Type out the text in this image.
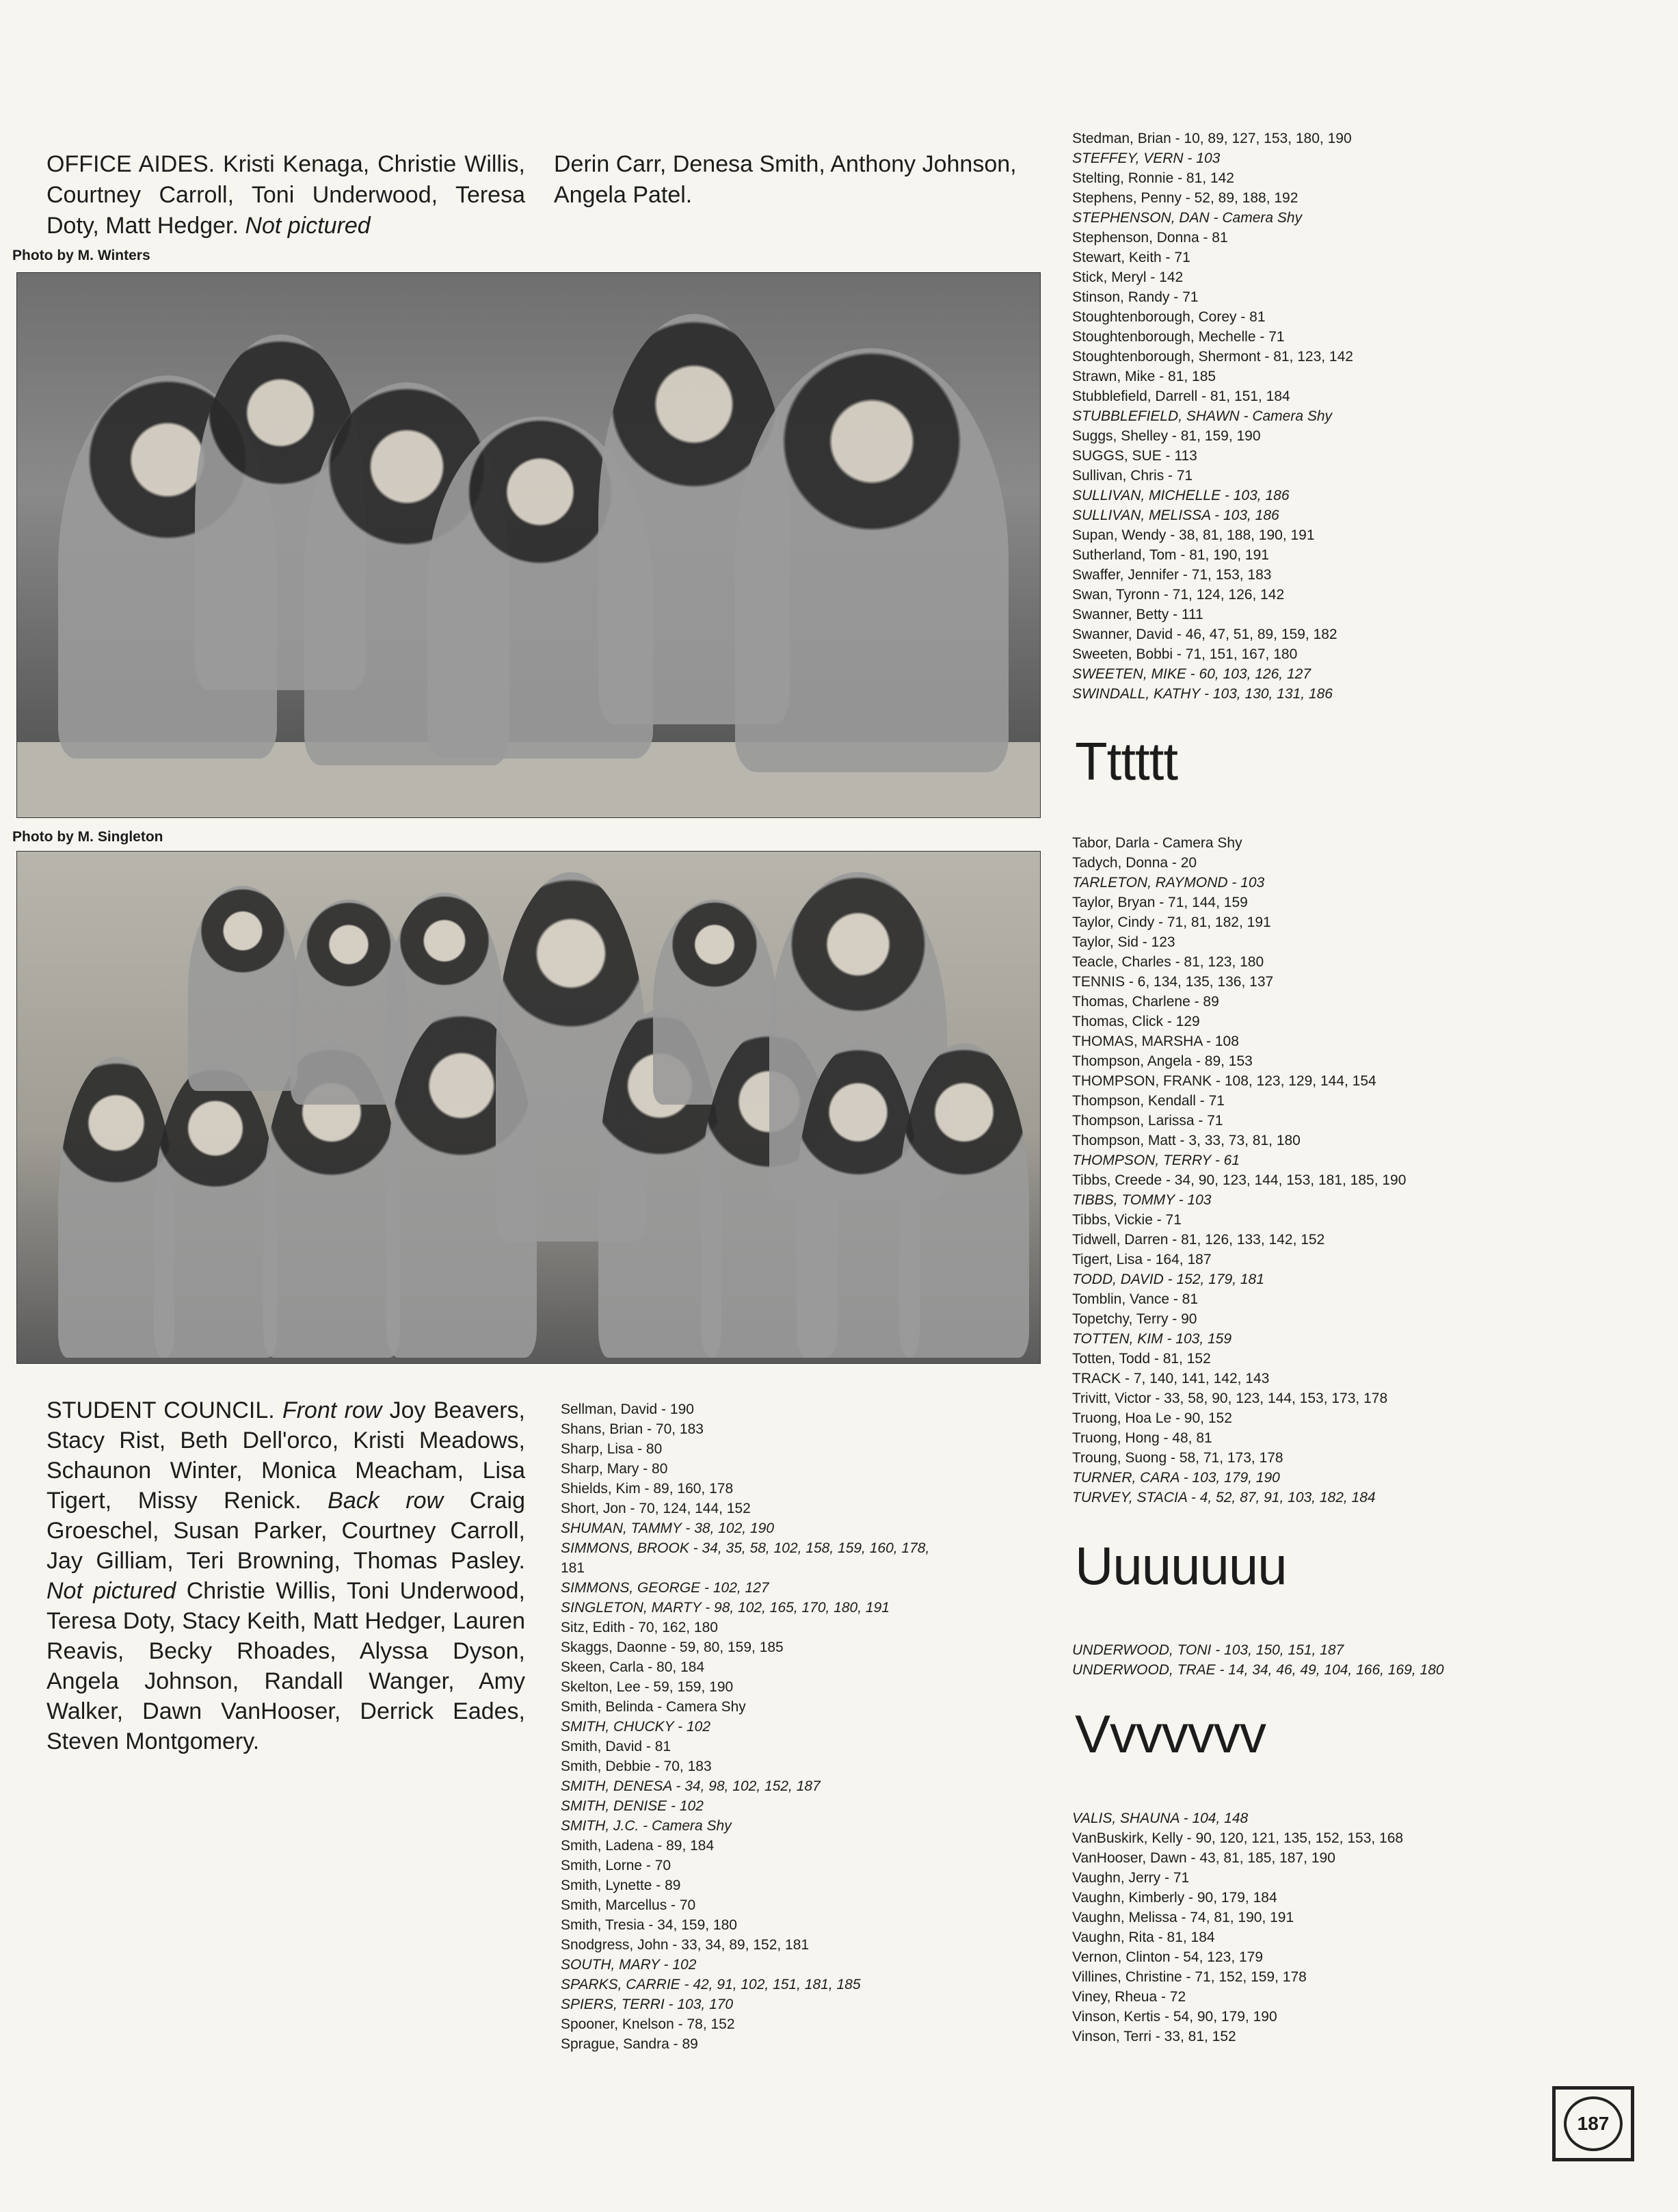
OFFICE AIDES. Kristi Kenaga, Christie Willis, Courtney Carroll, Toni Underwood, Teresa Doty, Matt Hedger. Not pictured
Derin Carr, Denesa Smith, Anthony Johnson, Angela Patel.
Photo by M. Winters
Photo by M. Singleton
STUDENT COUNCIL. Front row Joy Beavers, Stacy Rist, Beth Dell'orco, Kristi Meadows, Schaunon Winter, Monica Meacham, Lisa Tigert, Missy Renick. Back row Craig Groeschel, Susan Parker, Courtney Carroll, Jay Gilliam, Teri Browning, Thomas Pasley. Not pictured Christie Willis, Toni Underwood, Teresa Doty, Stacy Keith, Matt Hedger, Lauren Reavis, Becky Rhoades, Alyssa Dyson, Angela Johnson, Randall Wanger, Amy Walker, Dawn VanHooser, Derrick Eades, Steven Montgomery.
Sellman, David - 190
Shans, Brian - 70, 183
Sharp, Lisa - 80
Sharp, Mary - 80
Shields, Kim - 89, 160, 178
Short, Jon - 70, 124, 144, 152
SHUMAN, TAMMY - 38, 102, 190
SIMMONS, BROOK - 34, 35, 58, 102, 158, 159, 160, 178,
181
SIMMONS, GEORGE - 102, 127
SINGLETON, MARTY - 98, 102, 165, 170, 180, 191
Sitz, Edith - 70, 162, 180
Skaggs, Daonne - 59, 80, 159, 185
Skeen, Carla - 80, 184
Skelton, Lee - 59, 159, 190
Smith, Belinda - Camera Shy
SMITH, CHUCKY - 102
Smith, David - 81
Smith, Debbie - 70, 183
SMITH, DENESA - 34, 98, 102, 152, 187
SMITH, DENISE - 102
SMITH, J.C. - Camera Shy
Smith, Ladena - 89, 184
Smith, Lorne - 70
Smith, Lynette - 89
Smith, Marcellus - 70
Smith, Tresia - 34, 159, 180
Snodgress, John - 33, 34, 89, 152, 181
SOUTH, MARY - 102
SPARKS, CARRIE - 42, 91, 102, 151, 181, 185
SPIERS, TERRI - 103, 170
Spooner, Knelson - 78, 152
Sprague, Sandra - 89
Stedman, Brian - 10, 89, 127, 153, 180, 190
STEFFEY, VERN - 103
Stelting, Ronnie - 81, 142
Stephens, Penny - 52, 89, 188, 192
STEPHENSON, DAN - Camera Shy
Stephenson, Donna - 81
Stewart, Keith - 71
Stick, Meryl - 142
Stinson, Randy - 71
Stoughtenborough, Corey - 81
Stoughtenborough, Mechelle - 71
Stoughtenborough, Shermont - 81, 123, 142
Strawn, Mike - 81, 185
Stubblefield, Darrell - 81, 151, 184
STUBBLEFIELD, SHAWN - Camera Shy
Suggs, Shelley - 81, 159, 190
SUGGS, SUE - 113
Sullivan, Chris - 71
SULLIVAN, MICHELLE - 103, 186
SULLIVAN, MELISSA - 103, 186
Supan, Wendy - 38, 81, 188, 190, 191
Sutherland, Tom - 81, 190, 191
Swaffer, Jennifer - 71, 153, 183
Swan, Tyronn - 71, 124, 126, 142
Swanner, Betty - 111
Swanner, David - 46, 47, 51, 89, 159, 182
Sweeten, Bobbi - 71, 151, 167, 180
SWEETEN, MIKE - 60, 103, 126, 127
SWINDALL, KATHY - 103, 130, 131, 186
Tttttt
Tabor, Darla - Camera Shy
Tadych, Donna - 20
TARLETON, RAYMOND - 103
Taylor, Bryan - 71, 144, 159
Taylor, Cindy - 71, 81, 182, 191
Taylor, Sid - 123
Teacle, Charles - 81, 123, 180
TENNIS - 6, 134, 135, 136, 137
Thomas, Charlene - 89
Thomas, Click - 129
THOMAS, MARSHA - 108
Thompson, Angela - 89, 153
THOMPSON, FRANK - 108, 123, 129, 144, 154
Thompson, Kendall - 71
Thompson, Larissa - 71
Thompson, Matt - 3, 33, 73, 81, 180
THOMPSON, TERRY - 61
Tibbs, Creede - 34, 90, 123, 144, 153, 181, 185, 190
TIBBS, TOMMY - 103
Tibbs, Vickie - 71
Tidwell, Darren - 81, 126, 133, 142, 152
Tigert, Lisa - 164, 187
TODD, DAVID - 152, 179, 181
Tomblin, Vance - 81
Topetchy, Terry - 90
TOTTEN, KIM - 103, 159
Totten, Todd - 81, 152
TRACK - 7, 140, 141, 142, 143
Trivitt, Victor - 33, 58, 90, 123, 144, 153, 173, 178
Truong, Hoa Le - 90, 152
Truong, Hong - 48, 81
Troung, Suong - 58, 71, 173, 178
TURNER, CARA - 103, 179, 190
TURVEY, STACIA - 4, 52, 87, 91, 103, 182, 184
Uuuuuuu
UNDERWOOD, TONI - 103, 150, 151, 187
UNDERWOOD, TRAE - 14, 34, 46, 49, 104, 166, 169, 180
Vvvvvvv
VALIS, SHAUNA - 104, 148
VanBuskirk, Kelly - 90, 120, 121, 135, 152, 153, 168
VanHooser, Dawn - 43, 81, 185, 187, 190
Vaughn, Jerry - 71
Vaughn, Kimberly - 90, 179, 184
Vaughn, Melissa - 74, 81, 190, 191
Vaughn, Rita - 81, 184
Vernon, Clinton - 54, 123, 179
Villines, Christine - 71, 152, 159, 178
Viney, Rheua - 72
Vinson, Kertis - 54, 90, 179, 190
Vinson, Terri - 33, 81, 152
187
